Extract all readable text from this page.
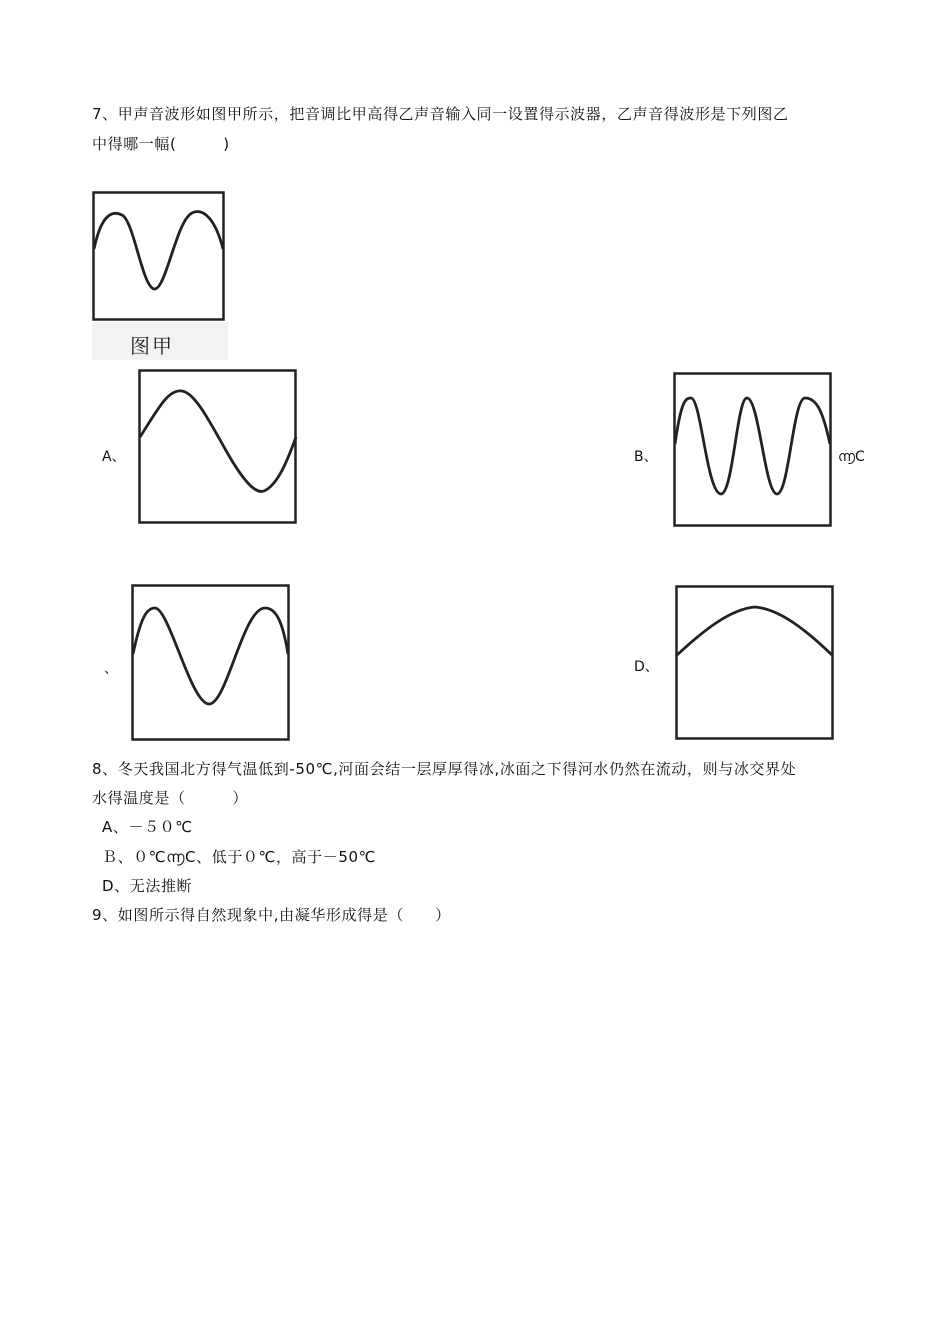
7、甲声音波形如图甲所示，把音调比甲高得乙声音输入同一设置得示波器，乙声音得波形是下列图乙
中得哪一幅(　　　)
图甲
A、	B、	൬C
、	D、
8、冬天我国北方得气温低到-50℃,河面会结一层厚厚得冰,冰面之下得河水仍然在流动，则与冰交界处
水得温度是（　　　）
A、－５０℃
Ｂ、０℃൬C、低于０℃，高于－50℃
D、无法推断
9、如图所示得自然现象中,由凝华形成得是（　　）
